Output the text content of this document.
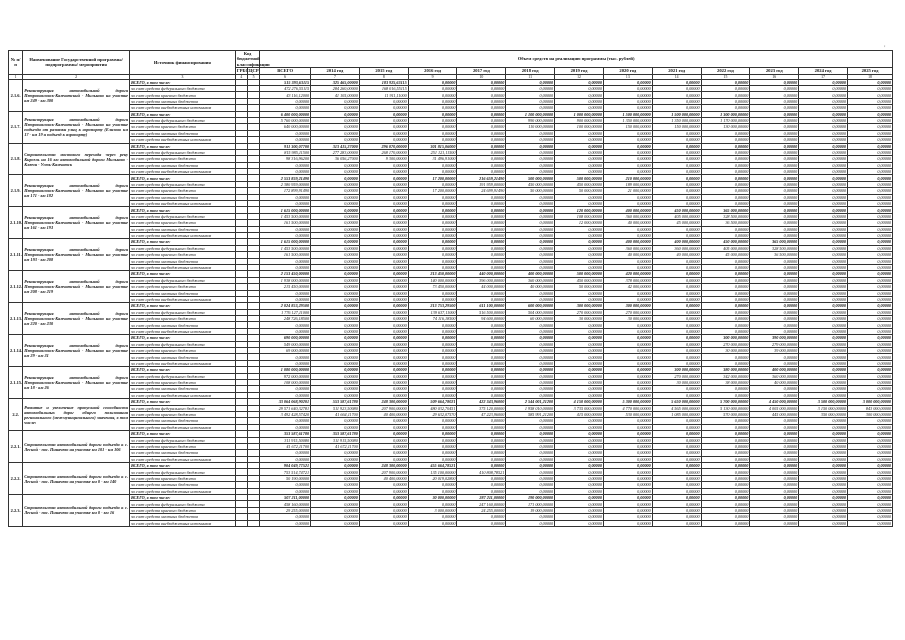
,
№ п/п	Наименование Государственной программы/ подпрограммы/ мероприятия	Источник финансирования	Код бюджетной классификации		Объем средств на реализацию программы (тыс. рублей)												
			ГРБС	ЦСР	ВСЕГО	2014 год	2015 год	2016 год	2017 год	2018 год	2019 год	2020 год	2021 год	2022 год	2023 год	2024 год	2025 год

1	2	3	4	5	6	7	8	9	10	11	12	13	14	15	16	17	18
2.1.6.	Реконструкция автомобильной дороги Петропавловск-Камчатский - Мильково на участке км 249 - км 300	ВСЕГО, в том числе:			515 393,63115	325 465,00000	183 925,63115	0,00000	0,00000	0,00000	0,00000	0,00000	0,00000	0,00000	0,00000	0,00000	0,00000
		за счет средств федерального бюджета			472 276,55115	284 260,00000	168 016,55115	0,00000	0,00000	0,00000	0,00000	0,00000	0,00000	0,00000	0,00000	0,00000	0,00000
		за счет средств краевого бюджета			43 116,12000	41 105,00000	11 911,11000	0,00000	0,00000	0,00000	0,00000	0,00000	0,00000	0,00000	0,00000	0,00000	0,00000
		за счет средств местных бюджетов			0,00000	0,00000	0,00000	0,00000	0,00000	0,00000	0,00000	0,00000	0,00000	0,00000	0,00000	0,00000	0,00000
		за счет средств внебюджетных источников			0,00000	0,00000	0,00000	0,00000	0,00000	0,00000	0,00000	0,00000	0,00000	0,00000	0,00000	0,00000	0,00000
2.1.7.	Реконструкция автомобильной дороги Петропавловск-Камчатский - Мильково на участке подъезда от развязки улиц к аэропорту (Елизово км 17 - км 19 и подъезд к аэропорту)	ВСЕГО, в том числе:			6 400 000,00000	0,00000	0,00000	0,00000	0,00000	1 100 000,00000	1 000 000,00000	1 500 000,00000	1 500 000,00000	1 300 000,00000	0,00000	0,00000	0,00000
		за счет средств федерального бюджета			5 760 000,00000	0,00000	0,00000	0,00000	0,00000	990 000,00000	900 000,00000	1 350 000,00000	1 350 000,00000	1 170 000,00000	0,00000	0,00000	0,00000
		за счет средств краевого бюджета			640 000,00000	0,00000	0,00000	0,00000	0,00000	110 000,00000	100 000,00000	150 000,00000	150 000,00000	130 000,00000	0,00000	0,00000	0,00000
		за счет средств местных бюджетов			0,00000	0,00000	0,00000	0,00000	0,00000	0,00000	0,00000	0,00000	0,00000	0,00000	0,00000	0,00000	0,00000
		за счет средств внебюджетных источников			0,00000	0,00000	0,00000	0,00000	0,00000	0,00000	0,00000	0,00000	0,00000	0,00000	0,00000	0,00000	0,00000
2.1.8.	Строительство мостового перехода через реку Кирсель на 16 км автомобильной дороги Мильково - Ключи - Усть-Камчатск	ВСЕГО, в том числе:			911 300,07700	313 415,27000	296 070,00000	301 815,06000	0,00000	0,00000	0,00000	0,00000	0,00000	0,00000	0,00000	0,00000	0,00000
		за счет средств федерального бюджета			815 985,11500	277 283,00000	268 170,00000	251 121,11500	0,00000	0,00000	0,00000	0,00000	0,00000	0,00000	0,00000	0,00000	0,00000
		за счет средств краевого бюджета			98 316,96200	36 056,27000	9 300,00000	31 496,91000	0,00000	0,00000	0,00000	0,00000	0,00000	0,00000	0,00000	0,00000	0,00000
		за счет средств местных бюджетов			0,00000	0,00000	0,00000	0,00000	0,00000	0,00000	0,00000	0,00000	0,00000	0,00000	0,00000	0,00000	0,00000
		за счет средств внебюджетных источников			0,00000	0,00000	0,00000	0,00000	0,00000	0,00000	0,00000	0,00000	0,00000	0,00000	0,00000	0,00000	0,00000
2.1.9.	Реконструкция автомобильной дороги Петропавловск-Камчатский - Мильково на участке км 171 - км 182	ВСЕГО, в том числе:			2 553 859,21490	0,00000	0,00000	17 200,00000	216 659,21490	500 000,00000	500 000,00000	210 000,00000	0,00000	0,00000	0,00000	0,00000	0,00000
		за счет средств федерального бюджета			2 380 959,00000	0,00000	0,00000	0,00000	191 959,00000	450 000,00000	450 000,00000	189 000,00000	0,00000	0,00000	0,00000	0,00000	0,00000
		за счет средств краевого бюджета			172 899,91490	0,00000	0,00000	17 200,00000	24 699,91490	50 000,00000	50 000,00000	21 000,00000	0,00000	0,00000	0,00000	0,00000	0,00000
		за счет средств местных бюджетов			0,00000	0,00000	0,00000	0,00000	0,00000	0,00000	0,00000	0,00000	0,00000	0,00000	0,00000	0,00000	0,00000
		за счет средств внебюджетных источников			0,00000	0,00000	0,00000	0,00000	0,00000	0,00000	0,00000	0,00000	0,00000	0,00000	0,00000	0,00000	0,00000
2.1.10.	Реконструкция автомобильной дороги Петропавловск-Камчатский - Мильково на участке км 161 - км 193	ВСЕГО, в том числе:			1 615 000,00000	0,00000	0,00000	0,00000	0,00000	0,00000	120 000,00000	400 000,00000	450 000,00000	365 000,00000	0,00000	0,00000	0,00000
		за счет средств федерального бюджета			1 453 500,00000	0,00000	0,00000	0,00000	0,00000	0,00000	108 000,00000	360 000,00000	405 000,00000	328 500,00000	0,00000	0,00000	0,00000
		за счет средств краевого бюджета			161 500,00000	0,00000	0,00000	0,00000	0,00000	0,00000	12 000,00000	40 000,00000	45 000,00000	36 500,00000	0,00000	0,00000	0,00000
		за счет средств местных бюджетов			0,00000	0,00000	0,00000	0,00000	0,00000	0,00000	0,00000	0,00000	0,00000	0,00000	0,00000	0,00000	0,00000
		за счет средств внебюджетных источников			0,00000	0,00000	0,00000	0,00000	0,00000	0,00000	0,00000	0,00000	0,00000	0,00000	0,00000	0,00000	0,00000
2.1.11.	Реконструкция автомобильной дороги Петропавловск-Камчатский - Мильково на участке км 193 - км 208	ВСЕГО, в том числе:			1 615 000,00000	0,00000	0,00000	0,00000	0,00000	0,00000	0,00000	400 000,00000	400 000,00000	450 000,00000	365 000,00000	0,00000	0,00000
		за счет средств федерального бюджета			1 453 500,00000	0,00000	0,00000	0,00000	0,00000	0,00000	0,00000	360 000,00000	360 000,00000	405 000,00000	328 500,00000	0,00000	0,00000
		за счет средств краевого бюджета			161 500,00000	0,00000	0,00000	0,00000	0,00000	0,00000	0,00000	40 000,00000	40 000,00000	45 000,00000	36 500,00000	0,00000	0,00000
		за счет средств местных бюджетов			0,00000	0,00000	0,00000	0,00000	0,00000	0,00000	0,00000	0,00000	0,00000	0,00000	0,00000	0,00000	0,00000
		за счет средств внебюджетных источников			0,00000	0,00000	0,00000	0,00000	0,00000	0,00000	0,00000	0,00000	0,00000	0,00000	0,00000	0,00000	0,00000
2.1.12.	Реконструкция автомобильной дороги Петропавловск-Камчатский - Мильково на участке км 208 - км 219	ВСЕГО, в том числе:			2 153 450,00000	0,00000	0,00000	213 450,00000	440 000,00000	400 000,00000	500 000,00000	420 000,00000	0,00000	0,00000	0,00000	0,00000	0,00000
		за счет средств федерального бюджета			1 938 000,00000	0,00000	0,00000	140 000,00000	396 000,00000	360 000,00000	450 000,00000	378 000,00000	0,00000	0,00000	0,00000	0,00000	0,00000
		за счет средств краевого бюджета			215 450,00000	0,00000	0,00000	73 450,00000	44 000,00000	40 000,00000	50 000,00000	42 000,00000	0,00000	0,00000	0,00000	0,00000	0,00000
		за счет средств местных бюджетов			0,00000	0,00000	0,00000	0,00000	0,00000	0,00000	0,00000	0,00000	0,00000	0,00000	0,00000	0,00000	0,00000
		за счет средств внебюджетных источников			0,00000	0,00000	0,00000	0,00000	0,00000	0,00000	0,00000	0,00000	0,00000	0,00000	0,00000	0,00000	0,00000
2.1.13.	Реконструкция автомобильной дороги Петропавловск-Камчатский - Мильково на участке км 220 - км 230	ВСЕГО, в том числе:			2 024 853,29500	0,00000	0,00000	213 753,29500	611 100,00000	600 000,00000	300 000,00000	300 000,00000	0,00000	0,00000	0,00000	0,00000	0,00000
		за счет средств федерального бюджета			1 776 127,11000	0,00000	0,00000	139 637,11000	516 500,00000	504 000,00000	270 000,00000	270 000,00000	0,00000	0,00000	0,00000	0,00000	0,00000
		за счет средств краевого бюджета			248 726,18500	0,00000	0,00000	74 116,18500	94 600,00000	60 000,00000	30 000,00000	30 000,00000	0,00000	0,00000	0,00000	0,00000	0,00000
		за счет средств местных бюджетов			0,00000	0,00000	0,00000	0,00000	0,00000	0,00000	0,00000	0,00000	0,00000	0,00000	0,00000	0,00000	0,00000
		за счет средств внебюджетных источников			0,00000	0,00000	0,00000	0,00000	0,00000	0,00000	0,00000	0,00000	0,00000	0,00000	0,00000	0,00000	0,00000
2.1.14.	Реконструкция автомобильной дороги Петропавловск-Камчатский - Мильково на участке км 29 - км 31	ВСЕГО, в том числе:			690 000,00000	0,00000	0,00000	0,00000	0,00000	0,00000	0,00000	0,00000	0,00000	300 000,00000	390 000,00000	0,00000	0,00000
		за счет средств федерального бюджета			549 000,00000	0,00000	0,00000	0,00000	0,00000	0,00000	0,00000	0,00000	0,00000	270 000,00000	279 000,00000	0,00000	0,00000
		за счет средств краевого бюджета			69 000,00000	0,00000	0,00000	0,00000	0,00000	0,00000	0,00000	0,00000	0,00000	30 000,00000	39 000,00000	0,00000	0,00000
		за счет средств местных бюджетов			0,00000	0,00000	0,00000	0,00000	0,00000	0,00000	0,00000	0,00000	0,00000	0,00000	0,00000	0,00000	0,00000
		за счет средств внебюджетных источников			0,00000	0,00000	0,00000	0,00000	0,00000	0,00000	0,00000	0,00000	0,00000	0,00000	0,00000	0,00000	0,00000
2.1.15.	Реконструкция автомобильной дороги Петропавловск-Камчатский - Мильково на участке км 18 - км 26	ВСЕГО, в том числе:			1 080 000,00000	0,00000	0,00000	0,00000	0,00000	0,00000	0,00000	0,00000	300 000,00000	380 000,00000	400 000,00000	0,00000	0,00000
		за счет средств федерального бюджета			972 000,00000	0,00000	0,00000	0,00000	0,00000	0,00000	0,00000	0,00000	270 000,00000	342 000,00000	360 000,00000	0,00000	0,00000
		за счет средств краевого бюджета			108 000,00000	0,00000	0,00000	0,00000	0,00000	0,00000	0,00000	0,00000	30 000,00000	38 000,00000	40 000,00000	0,00000	0,00000
		за счет средств местных бюджетов			0,00000	0,00000	0,00000	0,00000	0,00000	0,00000	0,00000	0,00000	0,00000	0,00000	0,00000	0,00000	0,00000
		за счет средств внебюджетных источников			0,00000	0,00000	0,00000	0,00000	0,00000	0,00000	0,00000	0,00000	0,00000	0,00000	0,00000	0,00000	0,00000
2.2.	Развитие и увеличение пропускной способности автомобильных дорог общего пользования регионального (межмуниципального) значения, в том числе:	ВСЕГО, в том числе:			33 064 068,90201	553 587,61780	248 300,00000	509 664,78021	422 343,96000	2 544 001,21200	4 150 000,00000	5 300 000,00000	5 650 000,00000	5 700 000,00000	4 450 000,00000	3 500 000,00000	3 000 000,00000
		за счет средств федерального бюджета			29 571 640,32781	511 923,50080	207 900,00000	480 032,70451	375 120,00000	1 958 010,00000	3 735 000,00000	4 770 000,00000	4 565 000,00000	5 130 000,00000	4 005 000,00000	3 150 000,00000	843 000,00000
		за счет средств краевого бюджета			3 492 428,57420	41 664,11700	40 400,00000	29 632,07570	47 223,96000	585 991,21200	415 000,00000	530 000,00000	1 085 000,00000	570 000,00000	445 000,00000	350 000,00000	300 000,00000
		за счет средств местных бюджетов			0,00000	0,00000	0,00000	0,00000	0,00000	0,00000	0,00000	0,00000	0,00000	0,00000	0,00000	0,00000	0,00000
		за счет средств внебюджетных источников			0,00000	0,00000	0,00000	0,00000	0,00000	0,00000	0,00000	0,00000	0,00000	0,00000	0,00000	0,00000	0,00000
2.2.1.	Строительство автомобильной дороги подъезда к с. Лесной - пос. Пиначево на участке км 101 - км 106	ВСЕГО, в том числе:			353 587,61780	353 587,61780	0,00000	0,00000	0,00000	0,00000	0,00000	0,00000	0,00000	0,00000	0,00000	0,00000	0,00000
		за счет средств федерального бюджета			311 915,50080	311 915,50080	0,00000	0,00000	0,00000	0,00000	0,00000	0,00000	0,00000	0,00000	0,00000	0,00000	0,00000
		за счет средств краевого бюджета			41 672,11700	41 672,11700	0,00000	0,00000	0,00000	0,00000	0,00000	0,00000	0,00000	0,00000	0,00000	0,00000	0,00000
		за счет средств местных бюджетов			0,00000	0,00000	0,00000	0,00000	0,00000	0,00000	0,00000	0,00000	0,00000	0,00000	0,00000	0,00000	0,00000
		за счет средств внебюджетных источников			0,00000	0,00000	0,00000	0,00000	0,00000	0,00000	0,00000	0,00000	0,00000	0,00000	0,00000	0,00000	0,00000
2.2.2.	Строительство автомобильной дороги подъезда к с. Лесной - пос. Пиначево на участке км 0 - км 140	ВСЕГО, в том числе:			904 049,77521	0,00000	248 300,00000	455 664,78521	0,00000	0,00000	0,00000	0,00000	0,00000	0,00000	0,00000	0,00000	0,00000
		за счет средств федерального бюджета			753 514,74721	0,00000	207 900,00000	135 100,00000	410 808,78521	0,00000	0,00000	0,00000	0,00000	0,00000	0,00000	0,00000	0,00000
		за счет средств краевого бюджета			50 190,00000	0,00000	40 400,00000	20 019,02800	0,00000	0,00000	0,00000	0,00000	0,00000	0,00000	0,00000	0,00000	0,00000
		за счет средств местных бюджетов			0,00000	0,00000	0,00000	0,00000	0,00000	0,00000	0,00000	0,00000	0,00000	0,00000	0,00000	0,00000	0,00000
		за счет средств внебюджетных источников			0,00000	0,00000	0,00000	0,00000	0,00000	0,00000	0,00000	0,00000	0,00000	0,00000	0,00000	0,00000	0,00000
2.2.3.	Строительство автомобильной дороги подъезда к с. Лесной - пос. Пиначево на участке км 0 - км 16	ВСЕГО, в том числе:			507 211,00000	0,00000	0,00000	30 000,00000	287 211,00000	190 000,00000	0,00000	0,00000	0,00000	0,00000	0,00000	0,00000	0,00000
		за счет средств федерального бюджета			458 160,00000	0,00000	0,00000	0,00000	247 160,00000	171 000,00000	0,00000	0,00000	0,00000	0,00000	0,00000	0,00000	0,00000
		за счет средств краевого бюджета			29 255,00000	0,00000	0,00000	3 000,00000	24 255,00000	19 000,00000	0,00000	0,00000	0,00000	0,00000	0,00000	0,00000	0,00000
		за счет средств местных бюджетов			0,00000	0,00000	0,00000	0,00000	0,00000	0,00000	0,00000	0,00000	0,00000	0,00000	0,00000	0,00000	0,00000
		за счет средств внебюджетных источников			0,00000	0,00000	0,00000	0,00000	0,00000	0,00000	0,00000	0,00000	0,00000	0,00000	0,00000	0,00000	0,00000
